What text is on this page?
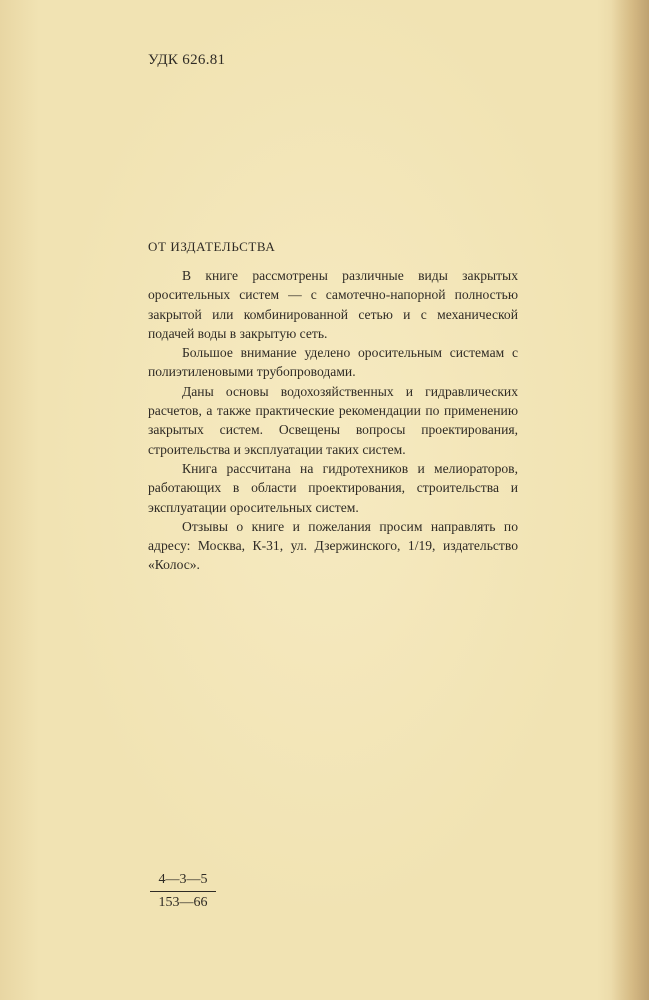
УДК 626.81
ОТ ИЗДАТЕЛЬСТВА

В книге рассмотрены различные виды закрытых оросительных систем — с самотечно-напорной полностью закрытой или комбинированной сетью и с механической подачей воды в закрытую сеть.

Большое внимание уделено оросительным системам с полиэтиленовыми трубопроводами.

Даны основы водохозяйственных и гидравлических расчетов, а также практические рекомендации по применению закрытых систем. Освещены вопросы проектирования, строительства и эксплуатации таких систем.

Книга рассчитана на гидротехников и мелиораторов, работающих в области проектирования, строительства и эксплуатации оросительных систем.

Отзывы о книге и пожелания просим направлять по адресу: Москва, К-31, ул. Дзержинского, 1/19, издательство «Колос».

4—3—5
153—66
